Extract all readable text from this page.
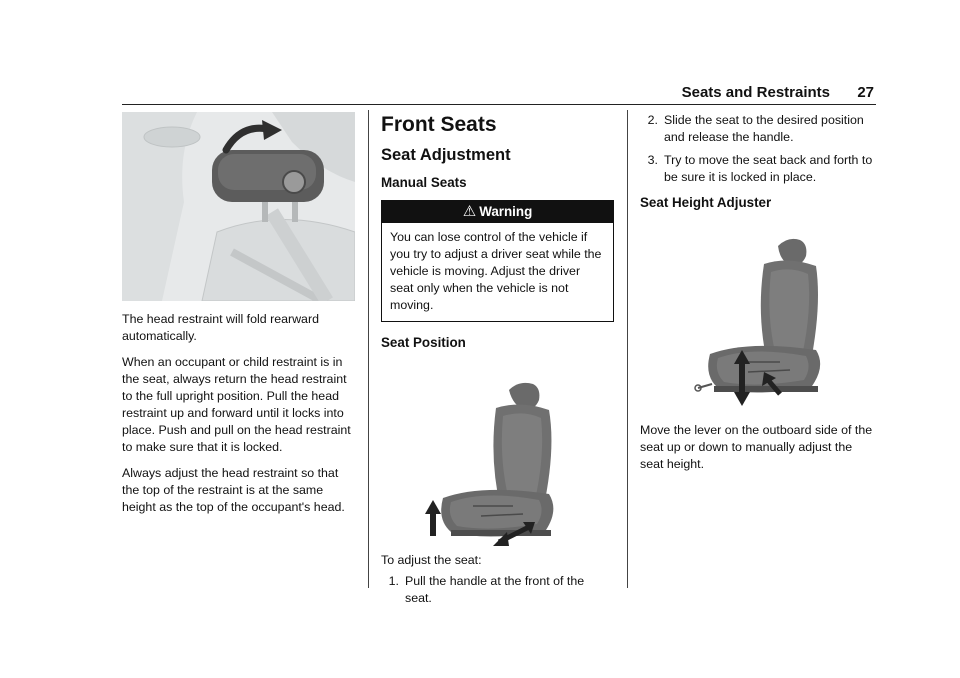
Seats and Restraints 27

The head restraint will fold rearward automatically.

When an occupant or child restraint is in the seat, always return the head restraint to the full upright position. Pull the head restraint up and forward until it locks into place. Push and pull on the head restraint to make sure that it is locked.

Always adjust the head restraint so that the top of the restraint is at the same height as the top of the occupant's head.

Front Seats
Seat Adjustment
Manual Seats
⚠ Warning
You can lose control of the vehicle if you try to adjust a driver seat while the vehicle is moving. Adjust the driver seat only when the vehicle is not moving.
Seat Position

To adjust the seat:

1. Pull the handle at the front of the seat.
2. Slide the seat to the desired position and release the handle.
3. Try to move the seat back and forth to be sure it is locked in place.
Seat Height Adjuster

Move the lever on the outboard side of the seat up or down to manually adjust the seat height.
